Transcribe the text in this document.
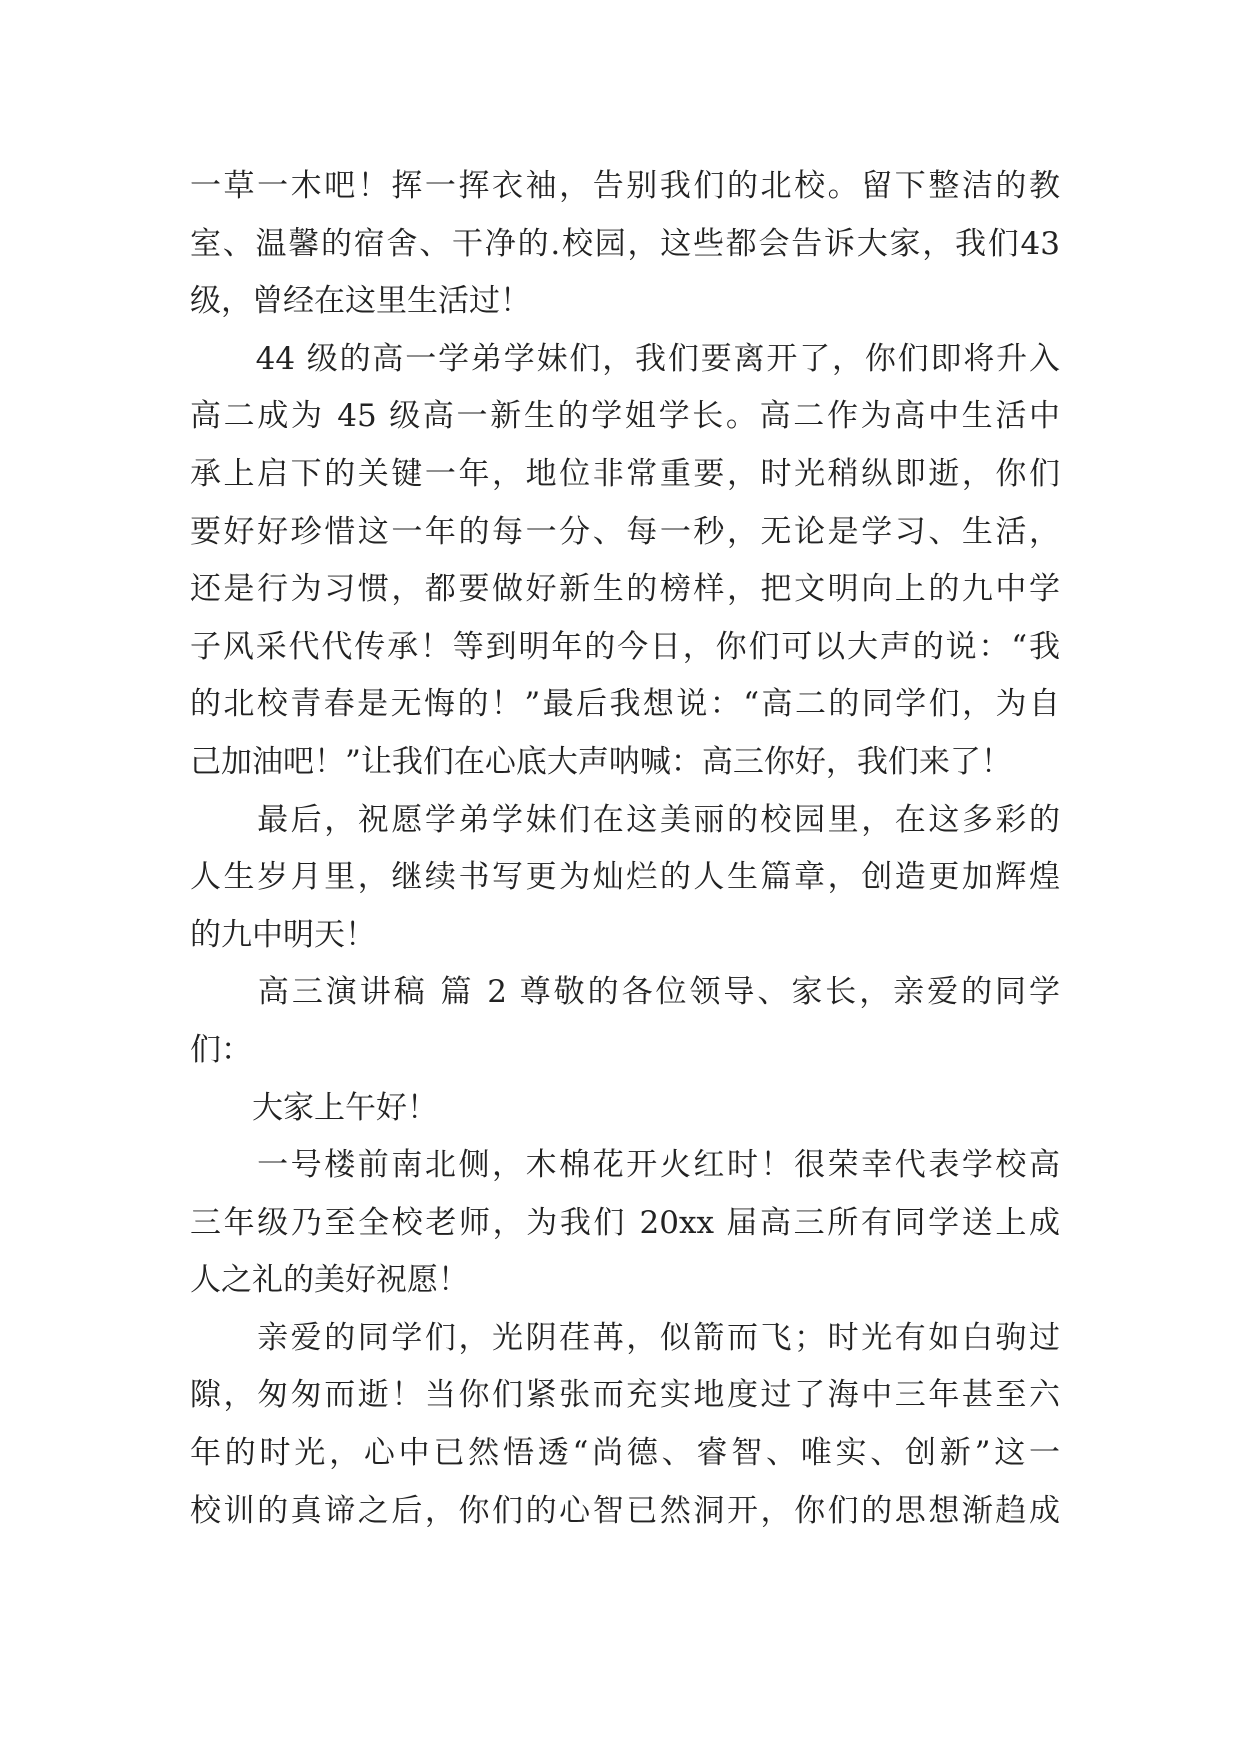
一草一木吧！挥一挥衣袖，告别我们的北校。留下整洁的教
室、温馨的宿舍、干净的.校园，这些都会告诉大家，我们43
级，曾经在这里生活过！
　　44 级的高一学弟学妹们，我们要离开了，你们即将升入
高二成为 45 级高一新生的学姐学长。高二作为高中生活中
承上启下的关键一年，地位非常重要，时光稍纵即逝，你们
要好好珍惜这一年的每一分、每一秒，无论是学习、生活，
还是行为习惯，都要做好新生的榜样，把文明向上的九中学
子风采代代传承！等到明年的今日，你们可以大声的说：“我
的北校青春是无悔的！”最后我想说：“高二的同学们，为自
己加油吧！”让我们在心底大声呐喊：高三你好，我们来了！
　　最后，祝愿学弟学妹们在这美丽的校园里，在这多彩的
人生岁月里，继续书写更为灿烂的人生篇章，创造更加辉煌
的九中明天！
　　高三演讲稿 篇 2 尊敬的各位领导、家长，亲爱的同学
们：
　　大家上午好！
　　一号楼前南北侧，木棉花开火红时！很荣幸代表学校高
三年级乃至全校老师，为我们 20xx 届高三所有同学送上成
人之礼的美好祝愿！
　　亲爱的同学们，光阴荏苒，似箭而飞；时光有如白驹过
隙，匆匆而逝！当你们紧张而充实地度过了海中三年甚至六
年的时光，心中已然悟透“尚德、睿智、唯实、创新”这一
校训的真谛之后，你们的心智已然洞开，你们的思想渐趋成
